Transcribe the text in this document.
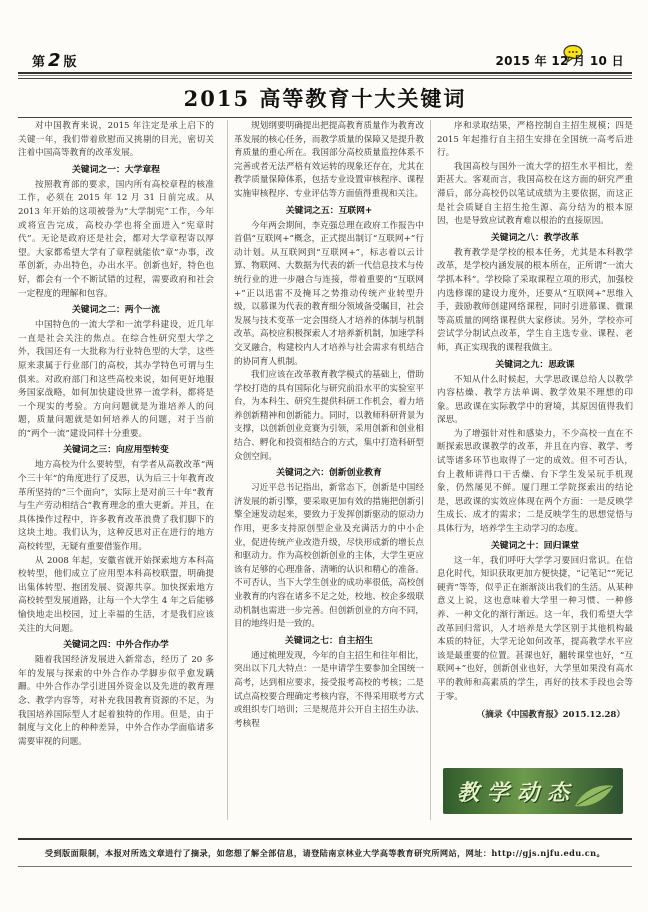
第 2 版	2015 年 12 月 10 日
2015 高等教育十大关键词

对中国教育来说，2015 年注定是承上启下的关键一年，我们带着欣慰而又挑剔的目光，密切关注着中国高等教育的改革发展。

关键词之一：大学章程

按照教育部的要求，国内所有高校章程的核准工作，必须在 2015 年 12 月 31 日前完成。从 2013 年开始的这项被誉为“大学制宪”工作，今年或将宣告完成，高校办学也将全面进入“宪章时代”。无论是政府还是社会，都对大学章程寄以厚望。大家都希望大学有了章程就能依“章”办事，改革创新，办出特色，办出水平。创新也好，特色也好，都会有一个不断试错的过程，需要政府和社会一定程度的理解和包容。

关键词之二：两个一流

中国特色的一流大学和一流学科建设，近几年一直是社会关注的焦点。在综合性研究型大学之外，我国还有一大批称为行业特色型的大学，这些原来隶属于行业部门的高校，其办学特色可谓与生俱来。对政府部门和这些高校来说，如何更好地服务国家战略，如何加快建设世界一流学科，都将是一个现实的考验。方向问题就是为谁培养人的问题，质量问题就是如何培养人的问题，对于当前的“两个一流”建设同样十分重要。

关键词之三：向应用型转变

地方高校为什么要转型，有学者从高教改革“两个三十年”的角度进行了反思，认为后三十年教育改革所坚持的“三个面向”，实际上是对前三十年“教育与生产劳动相结合”教育理念的重大更新。并且，在具体操作过程中，许多教育改革浪费了我们脚下的这块土地。我们认为，这种反思对正在进行的地方高校转型，无疑有重要借鉴作用。

从 2008 年起，安徽省就开始探索地方本科高校转型，他们成立了应用型本科高校联盟，明确提出集体转型、抱团发展、资源共享。加快探索地方高校转型发展道路，让每一个大学生 4 年之后能够愉快地走出校园，过上幸福的生活，才是我们应该关注的大问题。

关键词之四：中外合作办学

随着我国经济发展进入新常态，经历了 20 多年的发展与探索的中外合作办学脚步似乎愈发蹒跚。中外合作办学引进国外资金以及先进的教育理念、教学内容等，对补充我国教育资源的不足，为我国培养国际型人才起着独特的作用。但是，由于制度与文化上的种种差异，中外合作办学面临诸多需要审视的问题。

规划纲要明确提出把提高教育质量作为教育改革发展的核心任务，而教学质量的保障又是提升教育质量的重心所在。我国部分高校质量监控体系不完善或者无法严格有效运转的现象还存在，尤其在教学质量保障体系，包括专业设置审核程序、课程实施审核程序、专业评估等方面值得重视和关注。

关键词之五：互联网+

今年两会期间，李克强总理在政府工作报告中首倡“互联网+”概念，正式提出制订“互联网+”行动计划。从互联网到“互联网+”，标志着以云计算、物联网、大数据为代表的新一代信息技术与传统行业的进一步融合与连接，带着重要的“互联网+”正以迅雷不及掩耳之势推动传统产业转型升级，以慕课为代表的教育细分领域备受瞩目，社会发展与技术变革一定会围绕人才培养的体制与机制改革。高校应积极探索人才培养新机制，加速学科交叉融合，构建校内人才培养与社会需求有机结合的协同育人机制。

我们应该在改革教育教学模式的基础上，借助学校打造的具有国际化与研究前沿水平的实验室平台，为本科生、研究生提供科研工作机会，着力培养创新精神和创新能力。同时，以教师科研背景为支撑，以创新创业竞赛为引领，采用创新和创业相结合、孵化和投资相结合的方式，集中打造科研型众创空间。

关键词之六：创新创业教育

习近平总书记指出，新常态下，创新是中国经济发展的新引擎，要采取更加有效的措施把创新引擎全速发动起来，要致力于发挥创新驱动的原动力作用，更多支持原创型企业及充满活力的中小企业，促进传统产业改造升级，尽快形成新的增长点和驱动力。作为高校创新创业的主体，大学生更应该有足够的心理准备、清晰的认识和精心的准备。不可否认，当下大学生创业的成功率很低，高校创业教育的内容在诸多不足之处，校地、校企多级联动机制也需进一步完善。但创新创业的方向不同，目的地终归是一致的。

关键词之七：自主招生

通过梳理发现，今年的自主招生和往年相比，突出以下几大特点：一是申请学生要参加全国统一高考，达到相应要求，接受报考高校的考核；二是试点高校要合理确定考核内容，不得采用联考方式或组织专门培训；三是规范并公开自主招生办法、考核程

序和录取结果，严格控制自主招生规模；四是 2015 年起推行自主招生安排在全国统一高考后进行。

我国高校与国外一流大学的招生水平相比，差距甚大。客观而言，我国高校在这方面的研究严重滞后，部分高校仍以笔试成绩为主要依据，而这正是社会质疑自主招生抢生源、高分结为的根本原因，也是导致应试教育难以根治的直接原因。

关键词之八：教学改革

教育教学是学校的根本任务，尤其是本科教学改革，是学校内涵发展的根本所在，正所谓“一流大学抓本科”。学校除了采取课程立项的形式，加强校内选修课的建设力度外，还要从“互联网+”思维入手，鼓励教师创建网络课程，同时引进慕课、微课等高质量的网络课程供大家修读。另外，学校亦可尝试学分制试点改革，学生自主选专业、课程、老师，真正实现我的课程我做主。

关键词之九：思政课

不知从什么时候起，大学思政课总给人以教学内容枯燥、教学方法单调、教学效果不理想的印象。思政课在实际教学中的窘境，其原因值得我们深思。

为了增强针对性和感染力，不少高校一直在不断探索思政课教学的改革，并且在内容、教学、考试等诸多环节也取得了一定的成效。但不可否认，台上教师讲得口干舌燥、台下学生发呆玩手机现象，仍然屡见不鲜。厦门理工学院探索出的结论是，思政课的实效应体现在两个方面：一是反映学生成长、成才的需求；二是反映学生的思想觉悟与具体行为，培养学生主动学习的态度。

关键词之十：回归课堂

这一年，我们呼吁大学学习要回归常识。在信息化时代，知识获取更加方便快捷，“记笔记”“死记硬背”等等，似乎正在渐渐淡出我们的生活。从某种意义上说，这也意味着大学里一种习惯、一种修养、一种文化的渐行渐远。这一年，我们希望大学改革回归常识，人才培养是大学区别于其他机构最本质的特征，大学无论如何改革，提高教学水平应该是最重要的位置。甚课也好，翻转课堂也好，“互联网+”也好，创新创业也好，大学里如果没有高水平的教师和高素质的学生，再好的技术手段也会等于零。

（摘录《中国教育报》2015.12.28）
教学动态
受到版面限制，本报对所选文章进行了摘录，如您想了解全部信息，请登陆南京林业大学高等教育研究所网站，网址：http://gjs.njfu.edu.cn。
